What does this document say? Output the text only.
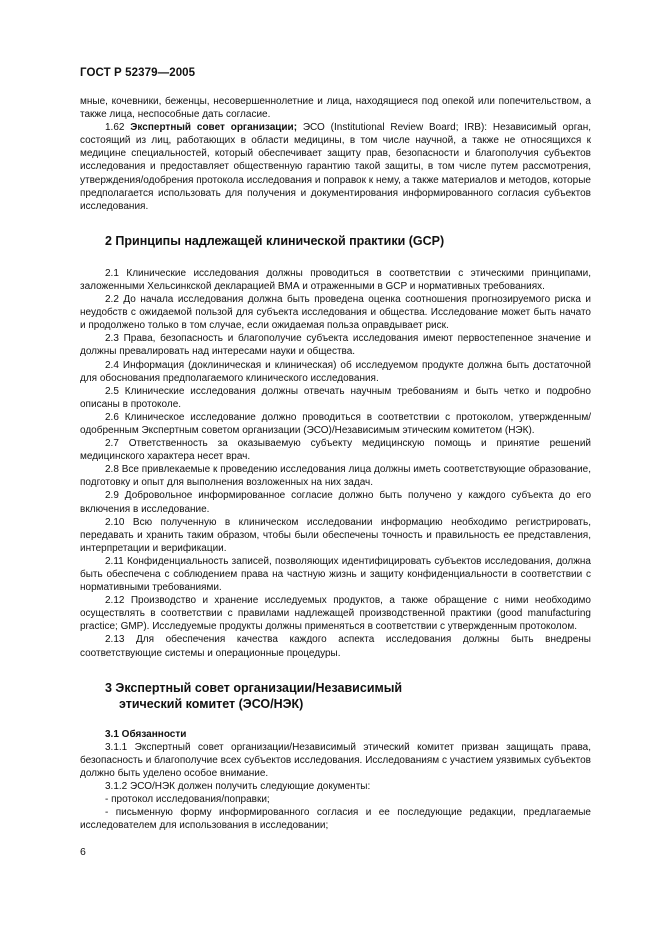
ГОСТ Р 52379—2005

мные, кочевники, беженцы, несовершеннолетние и лица, находящиеся под опекой или попечительством, а также лица, неспособные дать согласие.

1.62 Экспертный совет организации; ЭСО (Institutional Review Board; IRB): Независимый орган, состоящий из лиц, работающих в области медицины, в том числе научной, а также не относящихся к медицине специальностей, который обеспечивает защиту прав, безопасности и благополучия субъектов исследования и предоставляет общественную гарантию такой защиты, в том числе путем рассмотрения, утверждения/одобрения протокола исследования и поправок к нему, а также материалов и методов, которые предполагается использовать для получения и документирования информированного согласия субъектов исследования.

2 Принципы надлежащей клинической практики (GCP)

2.1 Клинические исследования должны проводиться в соответствии с этическими принципами, заложенными Хельсинкской декларацией ВМА и отраженными в GCP и нормативных требованиях.

2.2 До начала исследования должна быть проведена оценка соотношения прогнозируемого риска и неудобств с ожидаемой пользой для субъекта исследования и общества. Исследование может быть начато и продолжено только в том случае, если ожидаемая польза оправдывает риск.

2.3 Права, безопасность и благополучие субъекта исследования имеют первостепенное значение и должны превалировать над интересами науки и общества.

2.4 Информация (доклиническая и клиническая) об исследуемом продукте должна быть достаточной для обоснования предполагаемого клинического исследования.

2.5 Клинические исследования должны отвечать научным требованиям и быть четко и подробно описаны в протоколе.

2.6 Клиническое исследование должно проводиться в соответствии с протоколом, утвержденным/одобренным Экспертным советом организации (ЭСО)/Независимым этическим комитетом (НЭК).

2.7 Ответственность за оказываемую субъекту медицинскую помощь и принятие решений медицинского характера несет врач.

2.8 Все привлекаемые к проведению исследования лица должны иметь соответствующие образование, подготовку и опыт для выполнения возложенных на них задач.

2.9 Добровольное информированное согласие должно быть получено у каждого субъекта до его включения в исследование.

2.10 Всю полученную в клиническом исследовании информацию необходимо регистрировать, передавать и хранить таким образом, чтобы были обеспечены точность и правильность ее представления, интерпретации и верификации.

2.11 Конфиденциальность записей, позволяющих идентифицировать субъектов исследования, должна быть обеспечена с соблюдением права на частную жизнь и защиту конфиденциальности в соответствии с нормативными требованиями.

2.12 Производство и хранение исследуемых продуктов, а также обращение с ними необходимо осуществлять в соответствии с правилами надлежащей производственной практики (good manufacturing practice; GMP). Исследуемые продукты должны применяться в соответствии с утвержденным протоколом.

2.13 Для обеспечения качества каждого аспекта исследования должны быть внедрены соответствующие системы и операционные процедуры.

3 Экспертный совет организации/Независимый
этический комитет (ЭСО/НЭК)

3.1 Обязанности

3.1.1 Экспертный совет организации/Независимый этический комитет призван защищать права, безопасность и благополучие всех субъектов исследования. Исследованиям с участием уязвимых субъектов должно быть уделено особое внимание.

3.1.2 ЭСО/НЭК должен получить следующие документы:

- протокол исследования/поправки;

- письменную форму информированного согласия и ее последующие редакции, предлагаемые исследователем для использования в исследовании;

6
